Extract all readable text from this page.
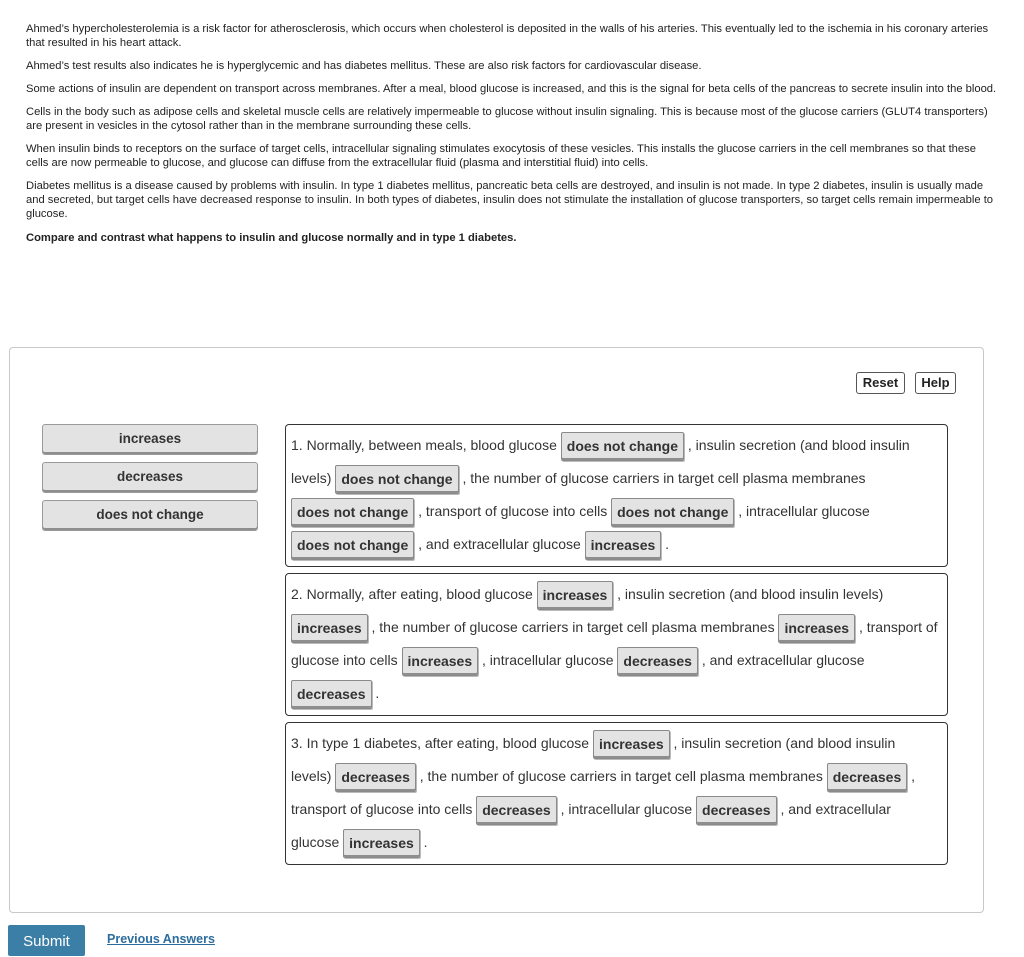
Ahmed’s hypercholesterolemia is a risk factor for atherosclerosis, which occurs when cholesterol is deposited in the walls of his arteries. This eventually led to the ischemia in his coronary arteries that resulted in his heart attack.

Ahmed’s test results also indicates he is hyperglycemic and has diabetes mellitus. These are also risk factors for cardiovascular disease.

Some actions of insulin are dependent on transport across membranes. After a meal, blood glucose is increased, and this is the signal for beta cells of the pancreas to secrete insulin into the blood.

Cells in the body such as adipose cells and skeletal muscle cells are relatively impermeable to glucose without insulin signaling. This is because most of the glucose carriers (GLUT4 transporters) are present in vesicles in the cytosol rather than in the membrane surrounding these cells.

When insulin binds to receptors on the surface of target cells, intracellular signaling stimulates exocytosis of these vesicles. This installs the glucose carriers in the cell membranes so that these cells are now permeable to glucose, and glucose can diffuse from the extracellular fluid (plasma and interstitial fluid) into cells.

Diabetes mellitus is a disease caused by problems with insulin. In type 1 diabetes mellitus, pancreatic beta cells are destroyed, and insulin is not made. In type 2 diabetes, insulin is usually made and secreted, but target cells have decreased response to insulin. In both types of diabetes, insulin does not stimulate the installation of glucose transporters, so target cells remain impermeable to glucose.

Compare and contrast what happens to insulin and glucose normally and in type 1 diabetes.

Reset	Help
increases
decreases
does not change
1. Normally, between meals, blood glucose does not change , insulin secretion (and blood insulin levels) does not change , the number of glucose carriers in target cell plasma membranes does not change , transport of glucose into cells does not change , intracellular glucose does not change , and extracellular glucose increases .
2. Normally, after eating, blood glucose increases , insulin secretion (and blood insulin levels) increases , the number of glucose carriers in target cell plasma membranes increases , transport of glucose into cells increases , intracellular glucose decreases , and extracellular glucose decreases .
3. In type 1 diabetes, after eating, blood glucose increases , insulin secretion (and blood insulin levels) decreases , the number of glucose carriers in target cell plasma membranes decreases , transport of glucose into cells decreases , intracellular glucose decreases , and extracellular glucose increases .
Submit	Previous Answers
